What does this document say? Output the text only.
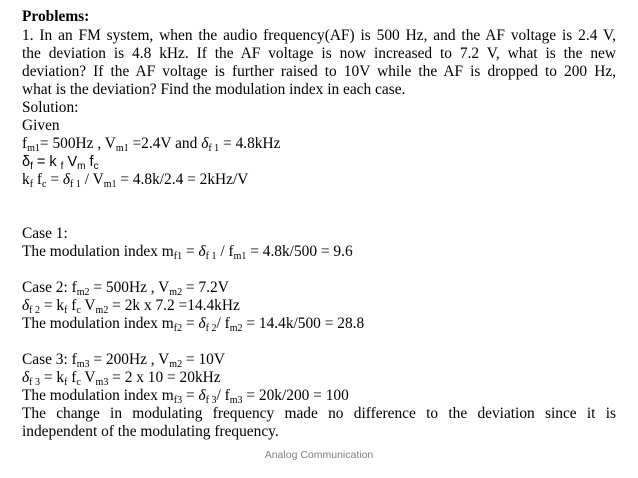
Problems:
1. In an FM system, when the audio frequency(AF) is 500 Hz, and the AF voltage is 2.4 V,
the deviation is 4.8 kHz. If the AF voltage is now increased to 7.2 V, what is the new
deviation? If the AF voltage is further raised to 10V while the AF is dropped to 200 Hz,
what is the deviation? Find the modulation index in each case.
Solution:
Given
$f_{m1}= 500Hz$ , $V_{m1} =2.4V$ and $\delta_{f 1} = 4.8kHz$
$\delta_f = k$ $_f$ $V_m$ $f_c$
$k_f$ $f_c = \delta_{f 1} / V_{m1} = 4.8k/2.4 = 2kHz/V$
Case 1:
The modulation index $m_{f1} = \delta_{f 1} / f_{m1} = 4.8k/500 = 9.6$
Case 2: $f_{m2} = 500Hz$ , $V_{m2} = 7.2V$
$\delta_{f 2} = k_f$ $f_c$ $V_{m2} = 2k$ x 7.2 =14.4kHz
The modulation index $m_{f2} = \delta_{f 2}/$ $f_{m2} = 14.4k/500 = 28.8$
Case 3: $f_{m3} = 200Hz$ , $V_{m2} = 10V$
$\delta_{f 3} = k_f$ $f_c$ $V_{m3} = 2$ x 10 = 20kHz
The modulation index $m_{f3} = \delta_{f 3}/$ $f_{m3} = 20k/200 = 100$
The change in modulating frequency made no difference to the deviation since it is
independent of the modulating frequency.
Analog Communication
